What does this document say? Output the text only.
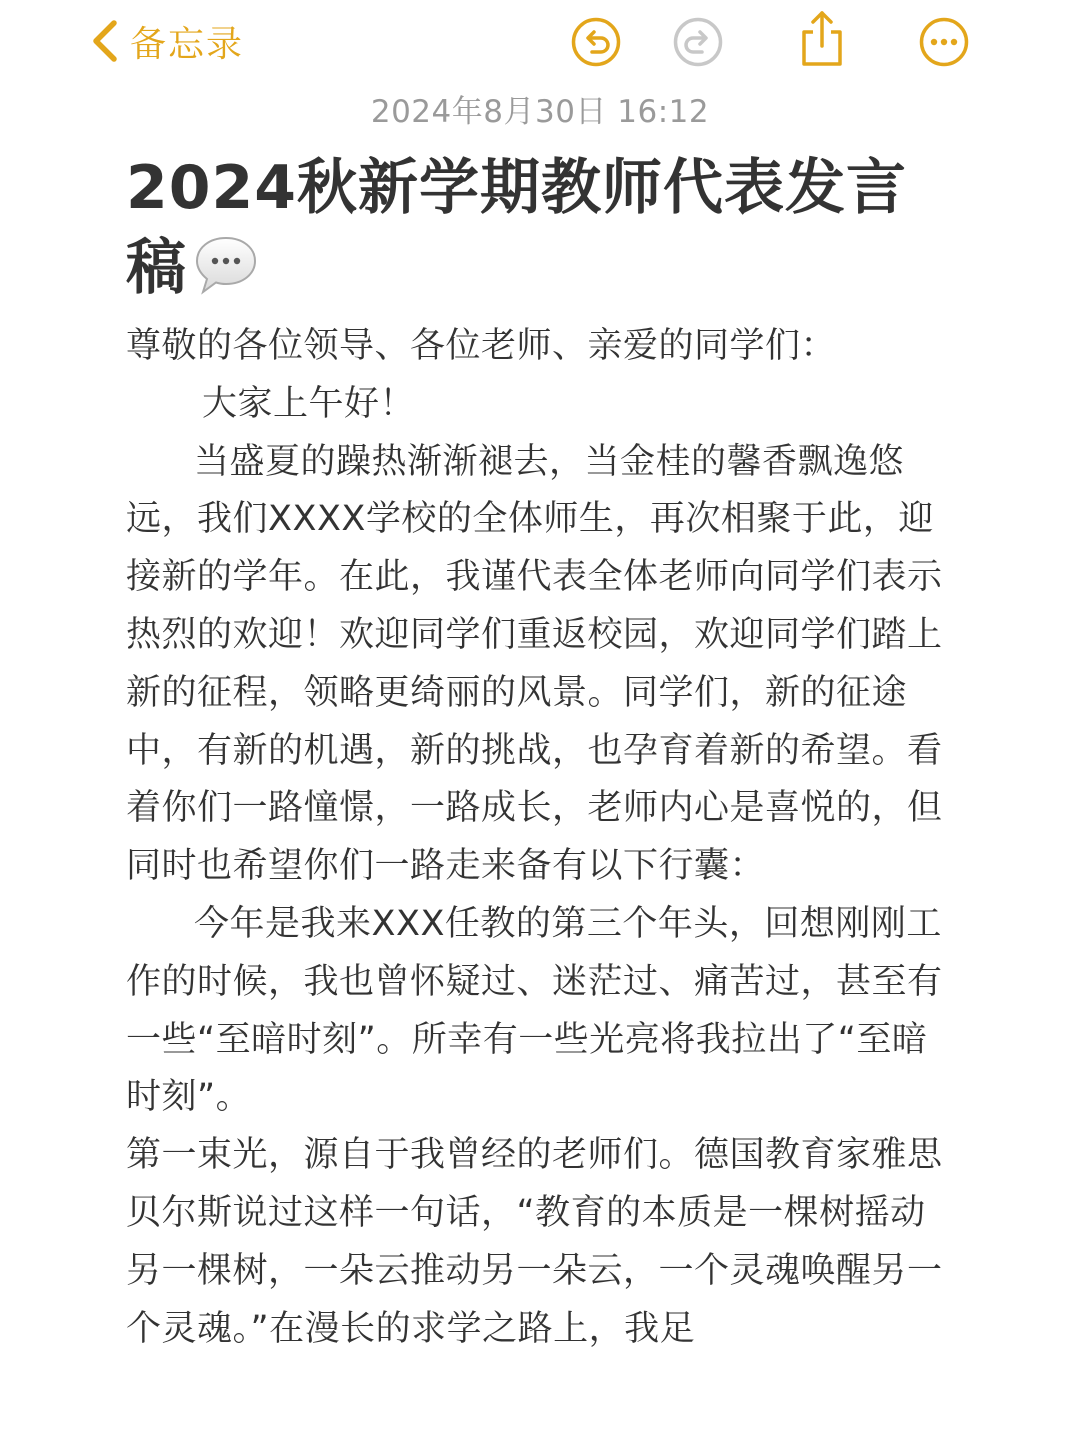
备忘录
2024年8月30日 16:12
2024秋新学期教师代表发言稿

尊敬的各位领导、各位老师、亲爱的同学们：

大家上午好！

当盛夏的躁热渐渐褪去，当金桂的馨香飘逸悠远，我们XXXX学校的全体师生，再次相聚于此，迎接新的学年。在此，我谨代表全体老师向同学们表示热烈的欢迎！欢迎同学们重返校园，欢迎同学们踏上新的征程，领略更绮丽的风景。同学们，新的征途中，有新的机遇，新的挑战，也孕育着新的希望。看着你们一路憧憬，一路成长，老师内心是喜悦的，但同时也希望你们一路走来备有以下行囊：

今年是我来XXX任教的第三个年头，回想刚刚工作的时候，我也曾怀疑过、迷茫过、痛苦过，甚至有一些“至暗时刻”。所幸有一些光亮将我拉出了“至暗时刻”。

第一束光，源自于我曾经的老师们。德国教育家雅思贝尔斯说过这样一句话，“教育的本质是一棵树摇动另一棵树，一朵云推动另一朵云，一个灵魂唤醒另一个灵魂。”在漫长的求学之路上，我足
